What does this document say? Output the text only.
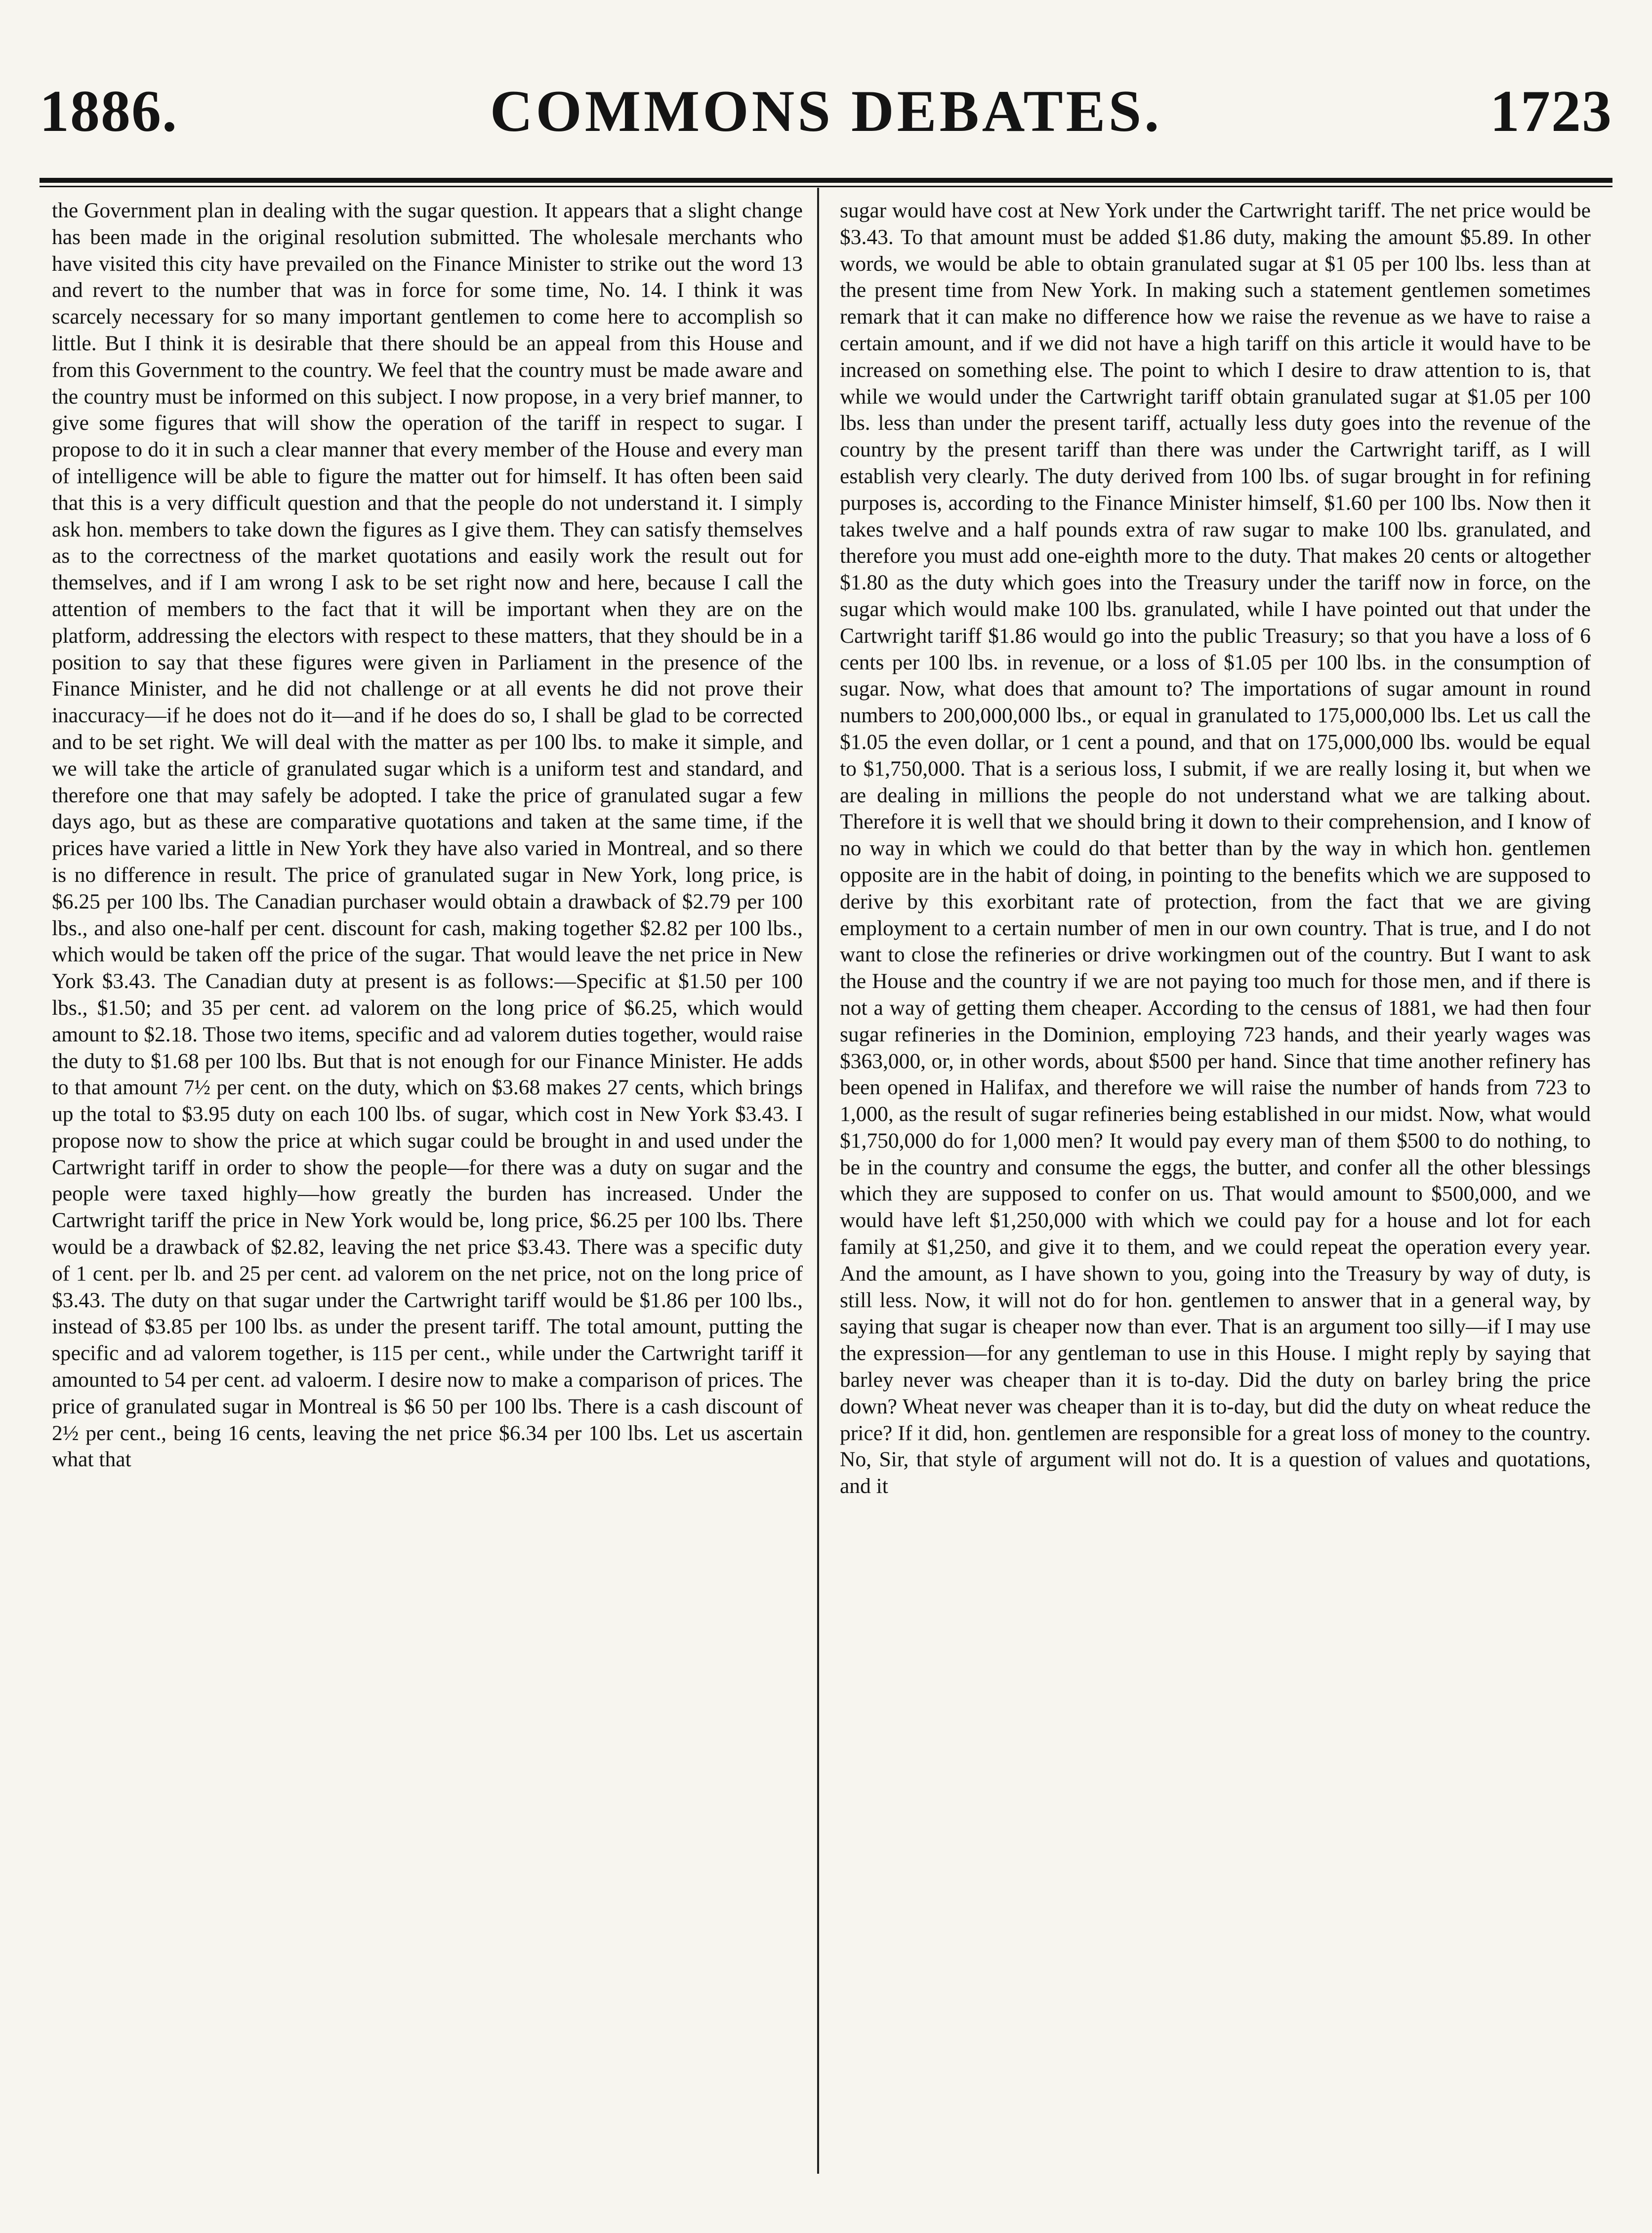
COMMONS DEBATES.
1886.	1723

the Government plan in dealing with the sugar question. It appears that a slight change has been made in the original resolution submitted. The wholesale merchants who have visited this city have prevailed on the Finance Minister to strike out the word 13 and revert to the number that was in force for some time, No. 14. I think it was scarcely necessary for so many important gentlemen to come here to accomplish so little. But I think it is desirable that there should be an appeal from this House and from this Government to the country. We feel that the country must be made aware and the country must be informed on this subject. I now propose, in a very brief manner, to give some figures that will show the operation of the tariff in respect to sugar. I propose to do it in such a clear manner that every member of the House and every man of intelligence will be able to figure the matter out for himself. It has often been said that this is a very difficult question and that the people do not understand it. I simply ask hon. members to take down the figures as I give them. They can satisfy themselves as to the correctness of the market quotations and easily work the result out for themselves, and if I am wrong I ask to be set right now and here, because I call the attention of members to the fact that it will be important when they are on the platform, addressing the electors with respect to these matters, that they should be in a position to say that these figures were given in Parliament in the presence of the Finance Minister, and he did not challenge or at all events he did not prove their inaccuracy—if he does not do it—and if he does do so, I shall be glad to be corrected and to be set right. We will deal with the matter as per 100 lbs. to make it simple, and we will take the article of granulated sugar which is a uniform test and standard, and therefore one that may safely be adopted. I take the price of granulated sugar a few days ago, but as these are comparative quotations and taken at the same time, if the prices have varied a little in New York they have also varied in Montreal, and so there is no difference in result. The price of granulated sugar in New York, long price, is $6.25 per 100 lbs. The Canadian purchaser would obtain a drawback of $2.79 per 100 lbs., and also one-half per cent. discount for cash, making together $2.82 per 100 lbs., which would be taken off the price of the sugar. That would leave the net price in New York $3.43. The Canadian duty at present is as follows:—Specific at $1.50 per 100 lbs., $1.50; and 35 per cent. ad valorem on the long price of $6.25, which would amount to $2.18. Those two items, specific and ad valorem duties together, would raise the duty to $1.68 per 100 lbs. But that is not enough for our Finance Minister. He adds to that amount 7½ per cent. on the duty, which on $3.68 makes 27 cents, which brings up the total to $3.95 duty on each 100 lbs. of sugar, which cost in New York $3.43. I propose now to show the price at which sugar could be brought in and used under the Cartwright tariff in order to show the people—for there was a duty on sugar and the people were taxed highly—how greatly the burden has increased. Under the Cartwright tariff the price in New York would be, long price, $6.25 per 100 lbs. There would be a drawback of $2.82, leaving the net price $3.43. There was a specific duty of 1 cent. per lb. and 25 per cent. ad valorem on the net price, not on the long price of $3.43. The duty on that sugar under the Cartwright tariff would be $1.86 per 100 lbs., instead of $3.85 per 100 lbs. as under the present tariff. The total amount, putting the specific and ad valorem together, is 115 per cent., while under the Cartwright tariff it amounted to 54 per cent. ad valoerm. I desire now to make a comparison of prices. The price of granulated sugar in Montreal is $6 50 per 100 lbs. There is a cash discount of 2½ per cent., being 16 cents, leaving the net price $6.34 per 100 lbs. Let us ascertain what that

sugar would have cost at New York under the Cartwright tariff. The net price would be $3.43. To that amount must be added $1.86 duty, making the amount $5.89. In other words, we would be able to obtain granulated sugar at $1 05 per 100 lbs. less than at the present time from New York. In making such a statement gentlemen sometimes remark that it can make no difference how we raise the revenue as we have to raise a certain amount, and if we did not have a high tariff on this article it would have to be increased on something else. The point to which I desire to draw attention to is, that while we would under the Cartwright tariff obtain granulated sugar at $1.05 per 100 lbs. less than under the present tariff, actually less duty goes into the revenue of the country by the present tariff than there was under the Cartwright tariff, as I will establish very clearly. The duty derived from 100 lbs. of sugar brought in for refining purposes is, according to the Finance Minister himself, $1.60 per 100 lbs. Now then it takes twelve and a half pounds extra of raw sugar to make 100 lbs. granulated, and therefore you must add one-eighth more to the duty. That makes 20 cents or altogether $1.80 as the duty which goes into the Treasury under the tariff now in force, on the sugar which would make 100 lbs. granulated, while I have pointed out that under the Cartwright tariff $1.86 would go into the public Treasury; so that you have a loss of 6 cents per 100 lbs. in revenue, or a loss of $1.05 per 100 lbs. in the consumption of sugar. Now, what does that amount to? The importations of sugar amount in round numbers to 200,000,000 lbs., or equal in granulated to 175,000,000 lbs. Let us call the $1.05 the even dollar, or 1 cent a pound, and that on 175,000,000 lbs. would be equal to $1,750,000. That is a serious loss, I submit, if we are really losing it, but when we are dealing in millions the people do not understand what we are talking about. Therefore it is well that we should bring it down to their comprehension, and I know of no way in which we could do that better than by the way in which hon. gentlemen opposite are in the habit of doing, in pointing to the benefits which we are supposed to derive by this exorbitant rate of protection, from the fact that we are giving employment to a certain number of men in our own country. That is true, and I do not want to close the refineries or drive workingmen out of the country. But I want to ask the House and the country if we are not paying too much for those men, and if there is not a way of getting them cheaper. According to the census of 1881, we had then four sugar refineries in the Dominion, employing 723 hands, and their yearly wages was $363,000, or, in other words, about $500 per hand. Since that time another refinery has been opened in Halifax, and therefore we will raise the number of hands from 723 to 1,000, as the result of sugar refineries being established in our midst. Now, what would $1,750,000 do for 1,000 men? It would pay every man of them $500 to do nothing, to be in the country and consume the eggs, the butter, and confer all the other blessings which they are supposed to confer on us. That would amount to $500,000, and we would have left $1,250,000 with which we could pay for a house and lot for each family at $1,250, and give it to them, and we could repeat the operation every year. And the amount, as I have shown to you, going into the Treasury by way of duty, is still less. Now, it will not do for hon. gentlemen to answer that in a general way, by saying that sugar is cheaper now than ever. That is an argument too silly—if I may use the expression—for any gentleman to use in this House. I might reply by saying that barley never was cheaper than it is to-day. Did the duty on barley bring the price down? Wheat never was cheaper than it is to-day, but did the duty on wheat reduce the price? If it did, hon. gentlemen are responsible for a great loss of money to the country. No, Sir, that style of argument will not do. It is a question of values and quotations, and it
